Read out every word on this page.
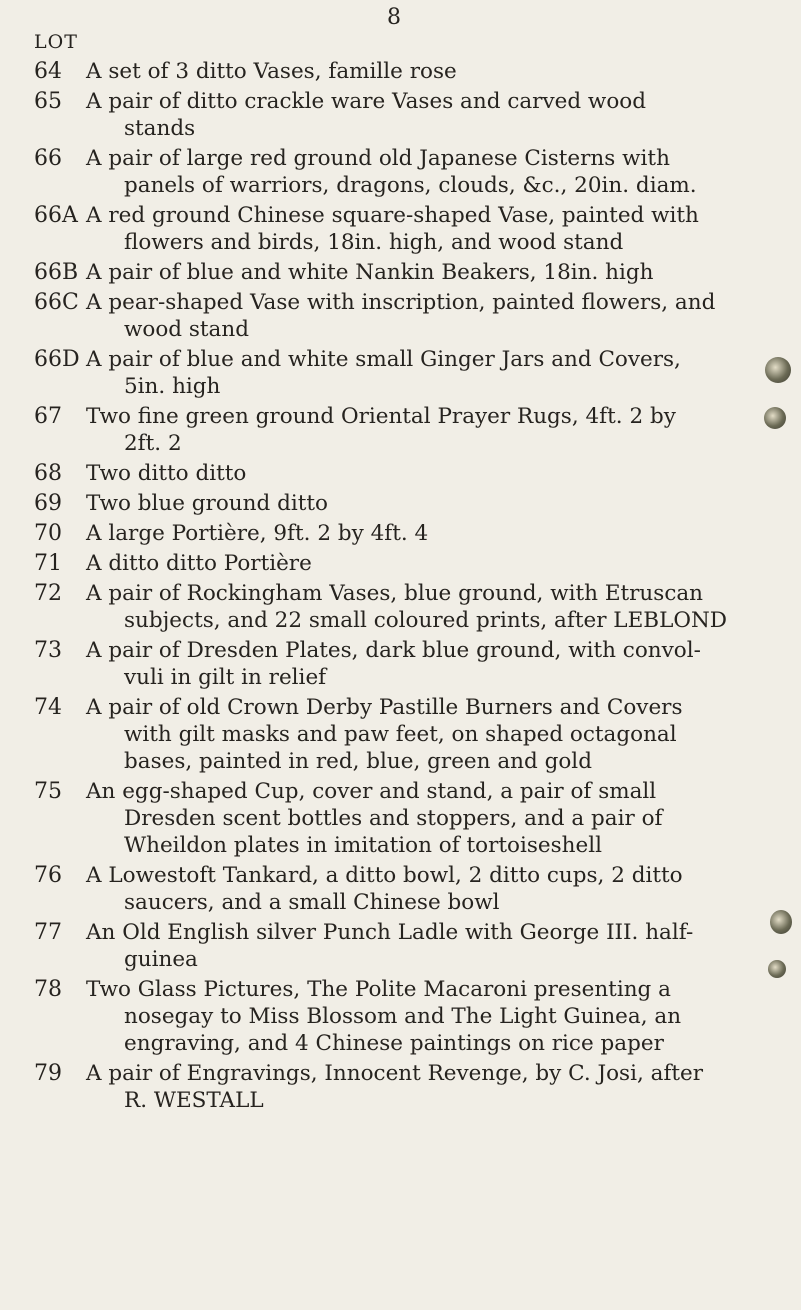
8
LOT
64	A set of 3 ditto Vases, famille rose
65	A pair of ditto crackle ware Vases and carved wood
stands
66	A pair of large red ground old Japanese Cisterns with
panels of warriors, dragons, clouds, &c., 20in. diam.
66A A red ground Chinese square-shaped Vase, painted with
flowers and birds, 18in. high, and wood stand
66B A pair of blue and white Nankin Beakers, 18in. high
66C A pear-shaped Vase with inscription, painted flowers, and
wood stand
66D A pair of blue and white small Ginger Jars and Covers,
5in. high
67	Two fine green ground Oriental Prayer Rugs, 4ft. 2 by
2ft. 2
68	Two ditto ditto
69	Two blue ground ditto
70	A large Portière, 9ft. 2 by 4ft. 4
71	A ditto ditto Portière
72	A pair of Rockingham Vases, blue ground, with Etruscan
subjects, and 22 small coloured prints, after LEBLOND
73	A pair of Dresden Plates, dark blue ground, with convol-
vuli in gilt in relief
74	A pair of old Crown Derby Pastille Burners and Covers
with gilt masks and paw feet, on shaped octagonal
bases, painted in red, blue, green and gold
75	An egg-shaped Cup, cover and stand, a pair of small
Dresden scent bottles and stoppers, and a pair of
Wheildon plates in imitation of tortoiseshell
76	A Lowestoft Tankard, a ditto bowl, 2 ditto cups, 2 ditto
saucers, and a small Chinese bowl
77	An Old English silver Punch Ladle with George III. half-
guinea
78	Two Glass Pictures, The Polite Macaroni presenting a
nosegay to Miss Blossom and The Light Guinea, an
engraving, and 4 Chinese paintings on rice paper
79	A pair of Engravings, Innocent Revenge, by C. Josi, after
R. WESTALL
